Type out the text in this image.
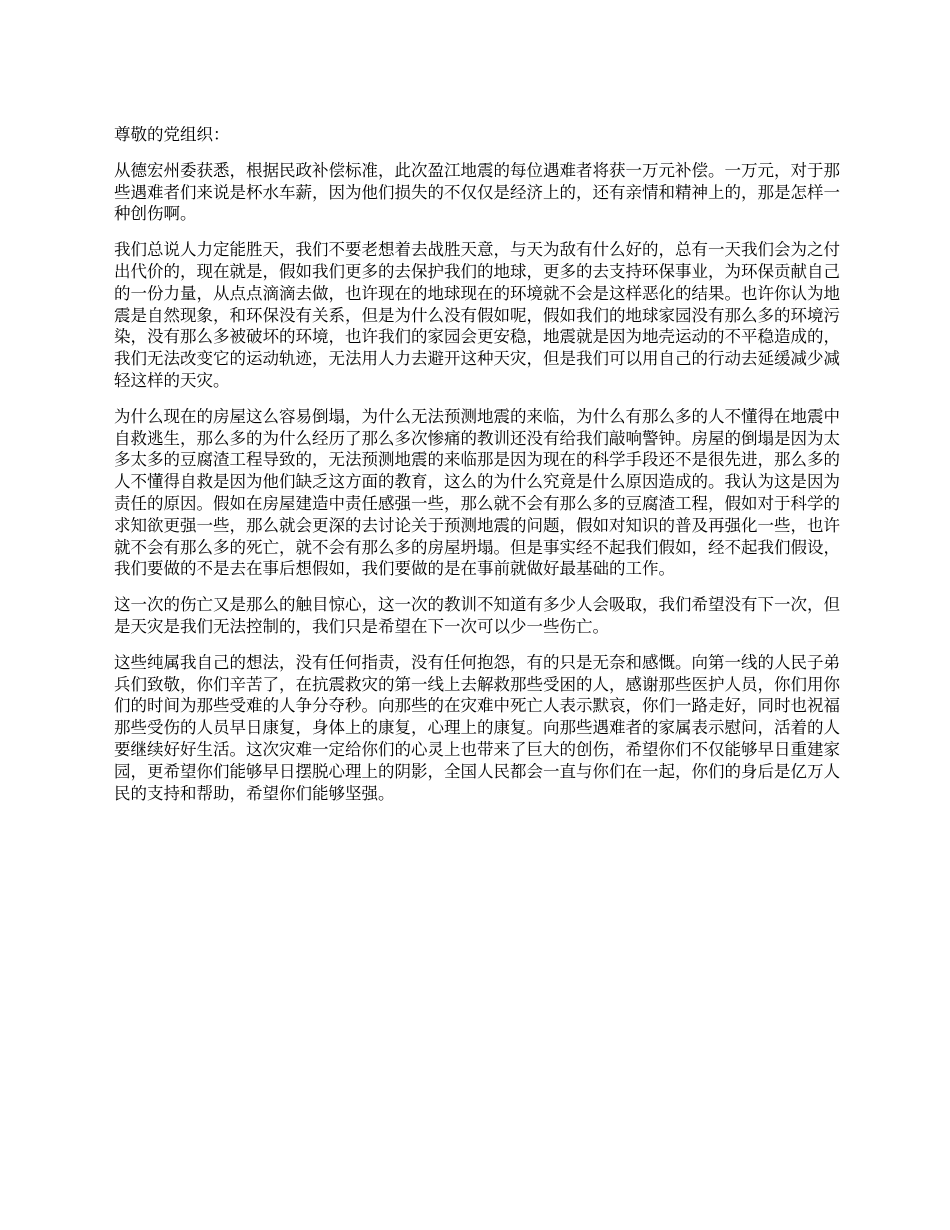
尊敬的党组织：

从德宏州委获悉，根据民政补偿标准，此次盈江地震的每位遇难者将获一万元补偿。一万元，对于那些遇难者们来说是杯水车薪，因为他们损失的不仅仅是经济上的，还有亲情和精神上的，那是怎样一种创伤啊。

我们总说人力定能胜天，我们不要老想着去战胜天意，与天为敌有什么好的，总有一天我们会为之付出代价的，现在就是，假如我们更多的去保护我们的地球，更多的去支持环保事业，为环保贡献自己的一份力量，从点点滴滴去做，也许现在的地球现在的环境就不会是这样恶化的结果。也许你认为地震是自然现象，和环保没有关系，但是为什么没有假如呢，假如我们的地球家园没有那么多的环境污染，没有那么多被破坏的环境，也许我们的家园会更安稳，地震就是因为地壳运动的不平稳造成的，我们无法改变它的运动轨迹，无法用人力去避开这种天灾，但是我们可以用自己的行动去延缓减少减轻这样的天灾。

为什么现在的房屋这么容易倒塌，为什么无法预测地震的来临，为什么有那么多的人不懂得在地震中自救逃生，那么多的为什么经历了那么多次惨痛的教训还没有给我们敲响警钟。房屋的倒塌是因为太多太多的豆腐渣工程导致的，无法预测地震的来临那是因为现在的科学手段还不是很先进，那么多的人不懂得自救是因为他们缺乏这方面的教育，这么的为什么究竟是什么原因造成的。我认为这是因为责任的原因。假如在房屋建造中责任感强一些，那么就不会有那么多的豆腐渣工程，假如对于科学的求知欲更强一些，那么就会更深的去讨论关于预测地震的问题，假如对知识的普及再强化一些，也许就不会有那么多的死亡，就不会有那么多的房屋坍塌。但是事实经不起我们假如，经不起我们假设，我们要做的不是去在事后想假如，我们要做的是在事前就做好最基础的工作。

这一次的伤亡又是那么的触目惊心，这一次的教训不知道有多少人会吸取，我们希望没有下一次，但是天灾是我们无法控制的，我们只是希望在下一次可以少一些伤亡。

这些纯属我自己的想法，没有任何指责，没有任何抱怨，有的只是无奈和感慨。向第一线的人民子弟兵们致敬，你们辛苦了，在抗震救灾的第一线上去解救那些受困的人，感谢那些医护人员，你们用你们的时间为那些受难的人争分夺秒。向那些的在灾难中死亡人表示默哀，你们一路走好，同时也祝福那些受伤的人员早日康复，身体上的康复，心理上的康复。向那些遇难者的家属表示慰问，活着的人要继续好好生活。这次灾难一定给你们的心灵上也带来了巨大的创伤，希望你们不仅能够早日重建家园，更希望你们能够早日摆脱心理上的阴影，全国人民都会一直与你们在一起，你们的身后是亿万人民的支持和帮助，希望你们能够坚强。
